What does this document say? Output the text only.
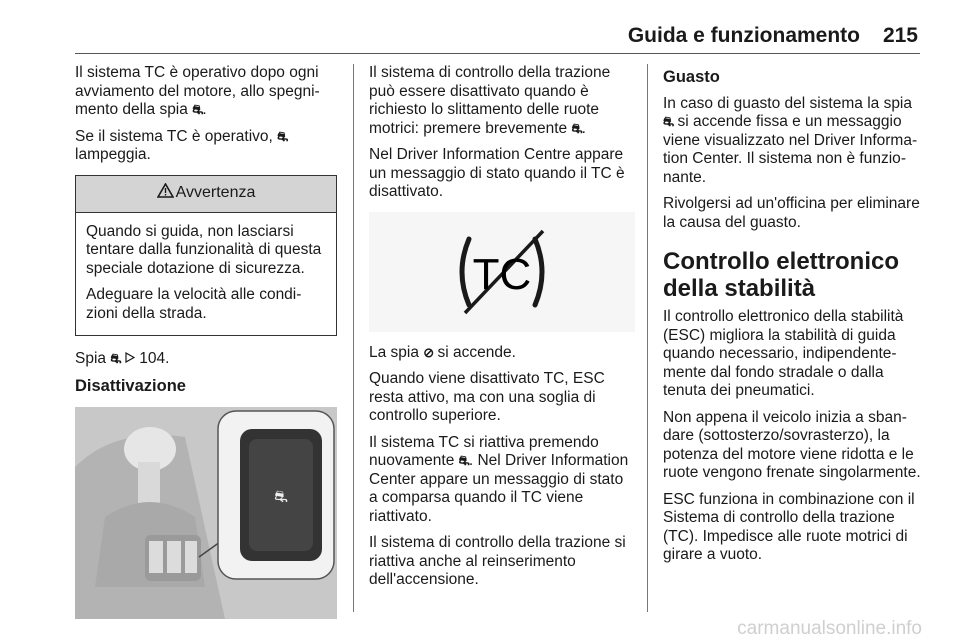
Guida e funzionamento 215

Il sistema TC è operativo dopo ogni avviamento del motore, allo spegnimento della spia ⛐.

Se il sistema TC è operativo, ⛐
lampeggia.

Avvertenza

Quando si guida, non lasciarsi tentare dalla funzionalità di questa speciale dotazione di sicurezza.

Adeguare la velocità alle condizioni della strada.

Spia ⛐ 104.

Disattivazione
⛐

Il sistema di controllo della trazione può essere disattivato quando è richiesto lo slittamento delle ruote motrici: premere brevemente ⛐.

Nel Driver Information Centre appare un messaggio di stato quando il TC è disattivato.

TC

La spia ⊘ si accende.

Quando viene disattivato TC, ESC resta attivo, ma con una soglia di controllo superiore.

Il sistema TC si riattiva premendo nuovamente ⛐. Nel Driver Information Center appare un messaggio di stato a comparsa quando il TC viene riattivato.

Il sistema di controllo della trazione si riattiva anche al reinserimento dell'accensione.

Guasto

In caso di guasto del sistema la spia
⛐ si accende fissa e un messaggio viene visualizzato nel Driver Information Center. Il sistema non è funzionante.

Rivolgersi ad un'officina per eliminare la causa del guasto.

Controllo elettronico della stabilità

Il controllo elettronico della stabilità (ESC) migliora la stabilità di guida quando necessario, indipendentemente dal fondo stradale o dalla tenuta dei pneumatici.

Non appena il veicolo inizia a sbandare (sottosterzo/sovrasterzo), la potenza del motore viene ridotta e le ruote vengono frenate singolarmente.

ESC funziona in combinazione con il Sistema di controllo della trazione (TC). Impedisce alle ruote motrici di girare a vuoto.

carmanualsonline.info
